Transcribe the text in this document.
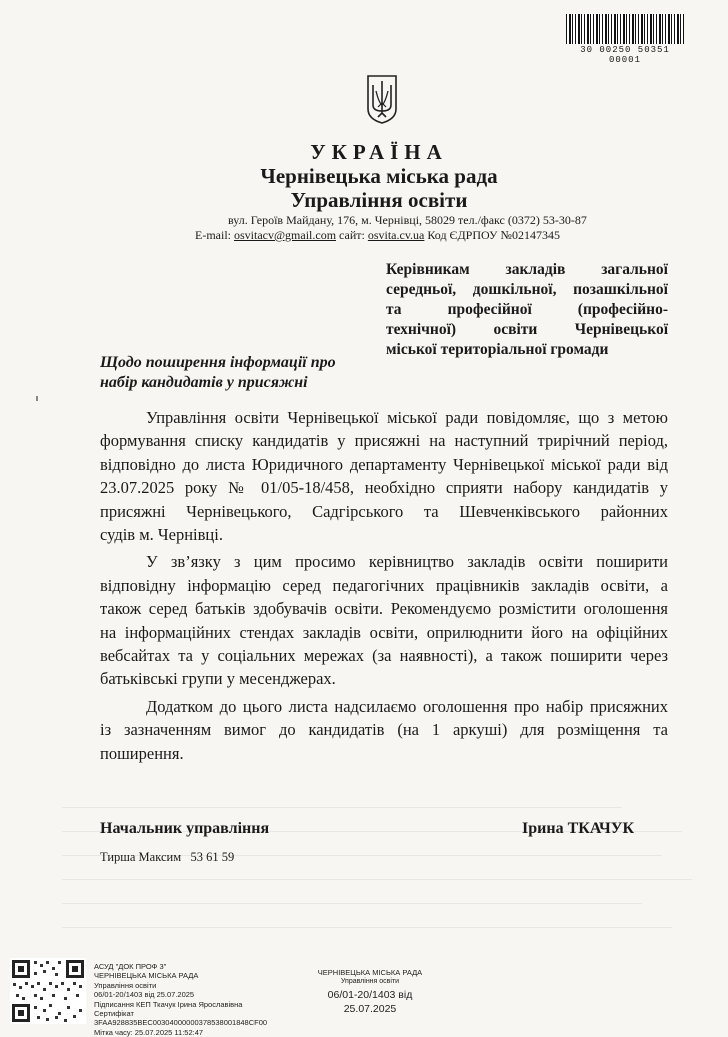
30 00250 50351 00001
УКРАЇНА
Чернівецька міська рада
Управління освіти
вул. Героїв Майдану, 176, м. Чернівці, 58029 тел./факс (0372) 53-30-87
E-mail: osvitacv@gmail.com сайт: osvita.cv.ua Код ЄДРПОУ №02147345
Керівникам закладів загальної
середньої, дошкільної, позашкільної
та професійної (професійно-
технічної) освіти Чернівецької
міської територіальної громади
Щодо поширення інформації про
набір кандидатів у присяжні
Управління освіти Чернівецької міської ради повідомляє, що з метою
формування списку кандидатів у присяжні на наступний трирічний період,
відповідно до листа Юридичного департаменту Чернівецької міської ради від
23.07.2025 року № 01/05-18/458, необхідно сприяти набору кандидатів у
присяжні Чернівецького, Садгірського та Шевченківського районних
судів м. Чернівці.
У зв’язку з цим просимо керівництво закладів освіти поширити
відповідну інформацію серед педагогічних працівників закладів освіти, а
також серед батьків здобувачів освіти. Рекомендуємо розмістити оголошення
на інформаційних стендах закладів освіти, оприлюднити його на офіційних
вебсайтах та у соціальних мережах (за наявності), а також поширити через
батьківські групи у месенджерах.
Додатком до цього листа надсилаємо оголошення про набір присяжних
із зазначенням вимог до кандидатів (на 1 аркуші) для розміщення та
поширення.
Начальник управління	Ірина ТКАЧУК
Тирша Максим 53 61 59
АСУД "ДОК ПРОФ 3"
ЧЕРНІВЕЦЬКА МІСЬКА РАДА
Управління освіти
06/01-20/1403 від 25.07.2025
Підписання КЕП Ткачук Ірина Ярославівна
Сертифікат
3FAA928835BEC00304000000378538001848CF00
Мітка часу: 25.07.2025 11:52:47
ЧЕРНІВЕЦЬКА МІСЬКА РАДА
Управління освіти
06/01-20/1403 від 25.07.2025
